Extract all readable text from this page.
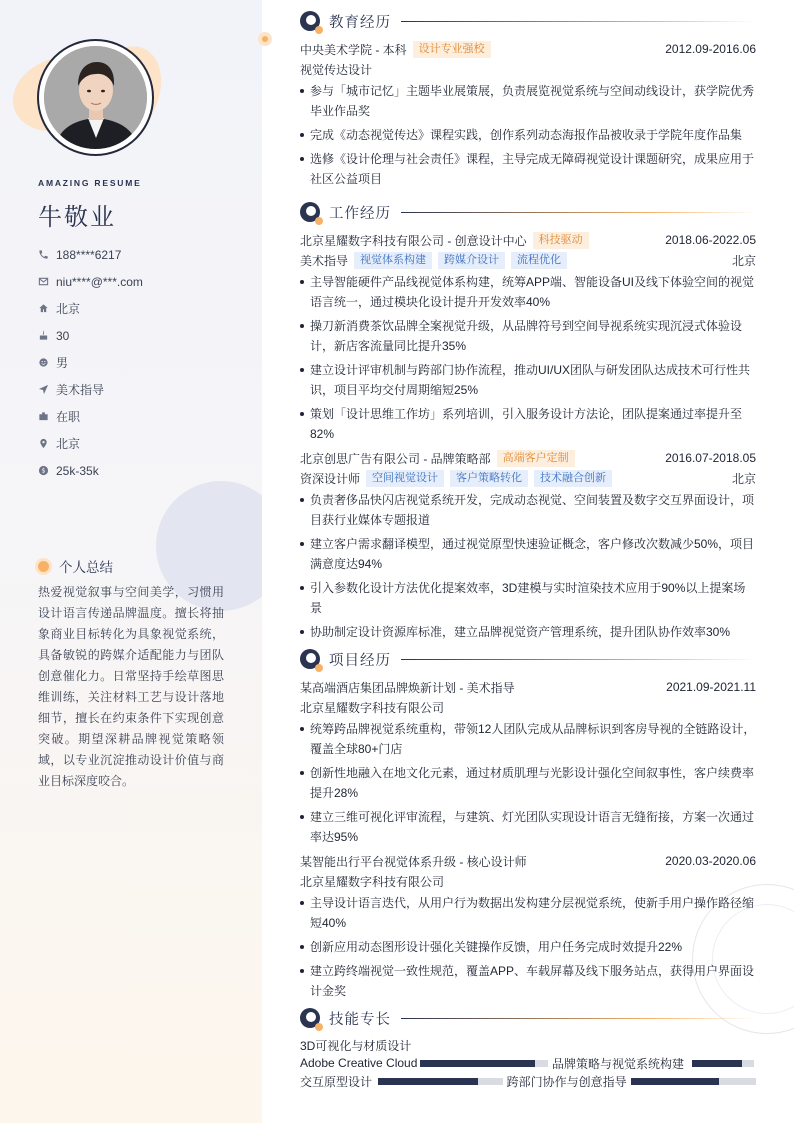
AMAZING RESUME
牛敬业
188****6217
niu****@***.com
北京
30
男
美术指导
在职
北京
$ 25k-35k
个人总结
热爱视觉叙事与空间美学，习惯用设计语言传递品牌温度。擅长将抽象商业目标转化为具象视觉系统，具备敏锐的跨媒介适配能力与团队创意催化力。日常坚持手绘草图思维训练，关注材料工艺与设计落地细节，擅长在约束条件下实现创意突破。期望深耕品牌视觉策略领域，以专业沉淀推动设计价值与商业目标深度咬合。
教育经历
中央美术学院 - 本科	设计专业强校	2012.09-2016.06
视觉传达设计
参与「城市记忆」主题毕业展策展，负责展览视觉系统与空间动线设计，获学院优秀毕业作品奖
完成《动态视觉传达》课程实践，创作系列动态海报作品被收录于学院年度作品集
选修《设计伦理与社会责任》课程，主导完成无障碍视觉设计课题研究，成果应用于社区公益项目
工作经历
北京星耀数字科技有限公司 - 创意设计中心	科技驱动	2018.06-2022.05
美术指导	视觉体系构建	跨媒介设计	流程优化	北京
主导智能硬件产品线视觉体系构建，统筹APP端、智能设备UI及线下体验空间的视觉语言统一，通过模块化设计提升开发效率40%
操刀新消费茶饮品牌全案视觉升级，从品牌符号到空间导视系统实现沉浸式体验设计，新店客流量同比提升35%
建立设计评审机制与跨部门协作流程，推动UI/UX团队与研发团队达成技术可行性共识，项目平均交付周期缩短25%
策划「设计思维工作坊」系列培训，引入服务设计方法论，团队提案通过率提升至82%
北京创思广告有限公司 - 品牌策略部	高端客户定制	2016.07-2018.05
资深设计师	空间视觉设计	客户策略转化	技术融合创新	北京
负责奢侈品快闪店视觉系统开发，完成动态视觉、空间装置及数字交互界面设计，项目获行业媒体专题报道
建立客户需求翻译模型，通过视觉原型快速验证概念，客户修改次数减少50%，项目满意度达94%
引入参数化设计方法优化提案效率，3D建模与实时渲染技术应用于90%以上提案场景
协助制定设计资源库标准，建立品牌视觉资产管理系统，提升团队协作效率30%
项目经历
某高端酒店集团品牌焕新计划 - 美术指导	2021.09-2021.11
北京星耀数字科技有限公司
统筹跨品牌视觉系统重构，带领12人团队完成从品牌标识到客房导视的全链路设计，覆盖全球80+门店
创新性地融入在地文化元素，通过材质肌理与光影设计强化空间叙事性，客户续费率提升28%
建立三维可视化评审流程，与建筑、灯光团队实现设计语言无缝衔接，方案一次通过率达95%
某智能出行平台视觉体系升级 - 核心设计师	2020.03-2020.06
北京星耀数字科技有限公司
主导设计语言迭代，从用户行为数据出发构建分层视觉系统，使新手用户操作路径缩短40%
创新应用动态图形设计强化关键操作反馈，用户任务完成时效提升22%
建立跨终端视觉一致性规范，覆盖APP、车载屏幕及线下服务站点，获得用户界面设计金奖
技能专长
3D可视化与材质设计
Adobe Creative Cloud	品牌策略与视觉系统构建
交互原型设计	跨部门协作与创意指导
